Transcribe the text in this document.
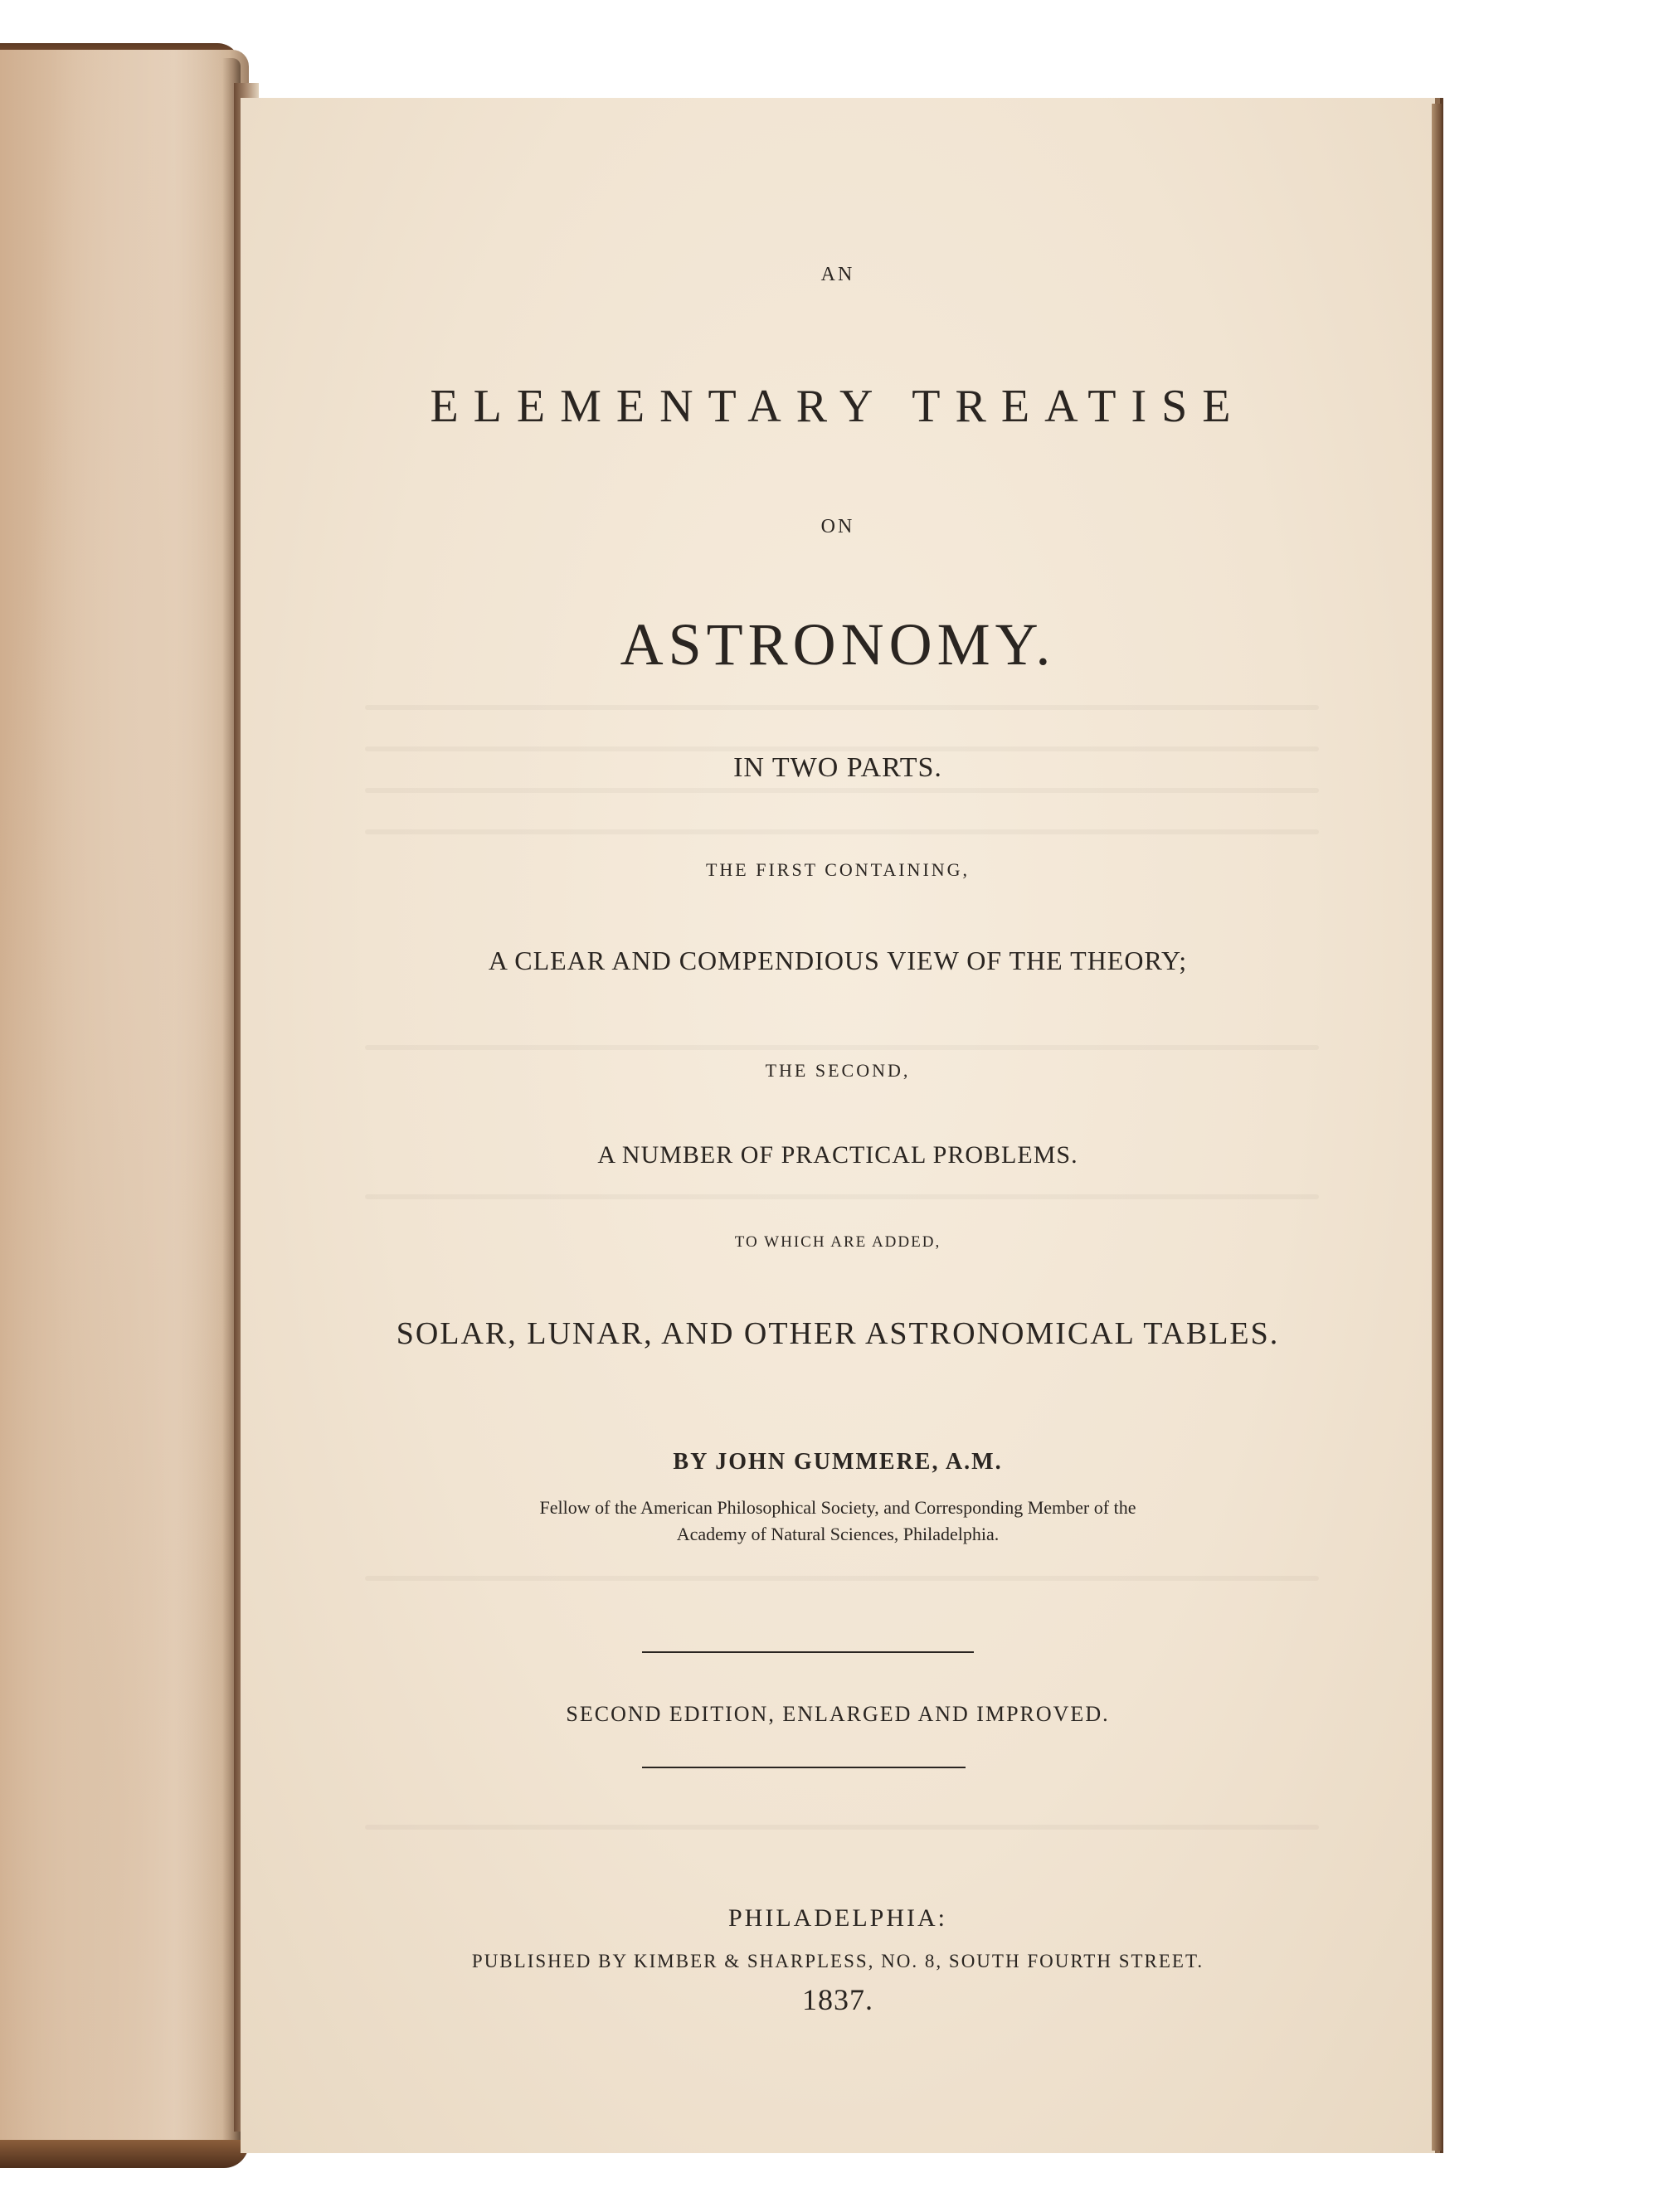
AN
ELEMENTARY TREATISE
ON
ASTRONOMY.
IN TWO PARTS.
THE FIRST CONTAINING,
A CLEAR AND COMPENDIOUS VIEW OF THE THEORY;
THE SECOND,
A NUMBER OF PRACTICAL PROBLEMS.
TO WHICH ARE ADDED,
SOLAR, LUNAR, AND OTHER ASTRONOMICAL TABLES.
BY JOHN GUMMERE, A.M.
Fellow of the American Philosophical Society, and Corresponding Member of the
Academy of Natural Sciences, Philadelphia.
SECOND EDITION, ENLARGED AND IMPROVED.
PHILADELPHIA:
PUBLISHED BY KIMBER & SHARPLESS, NO. 8, SOUTH FOURTH STREET.
1837.
